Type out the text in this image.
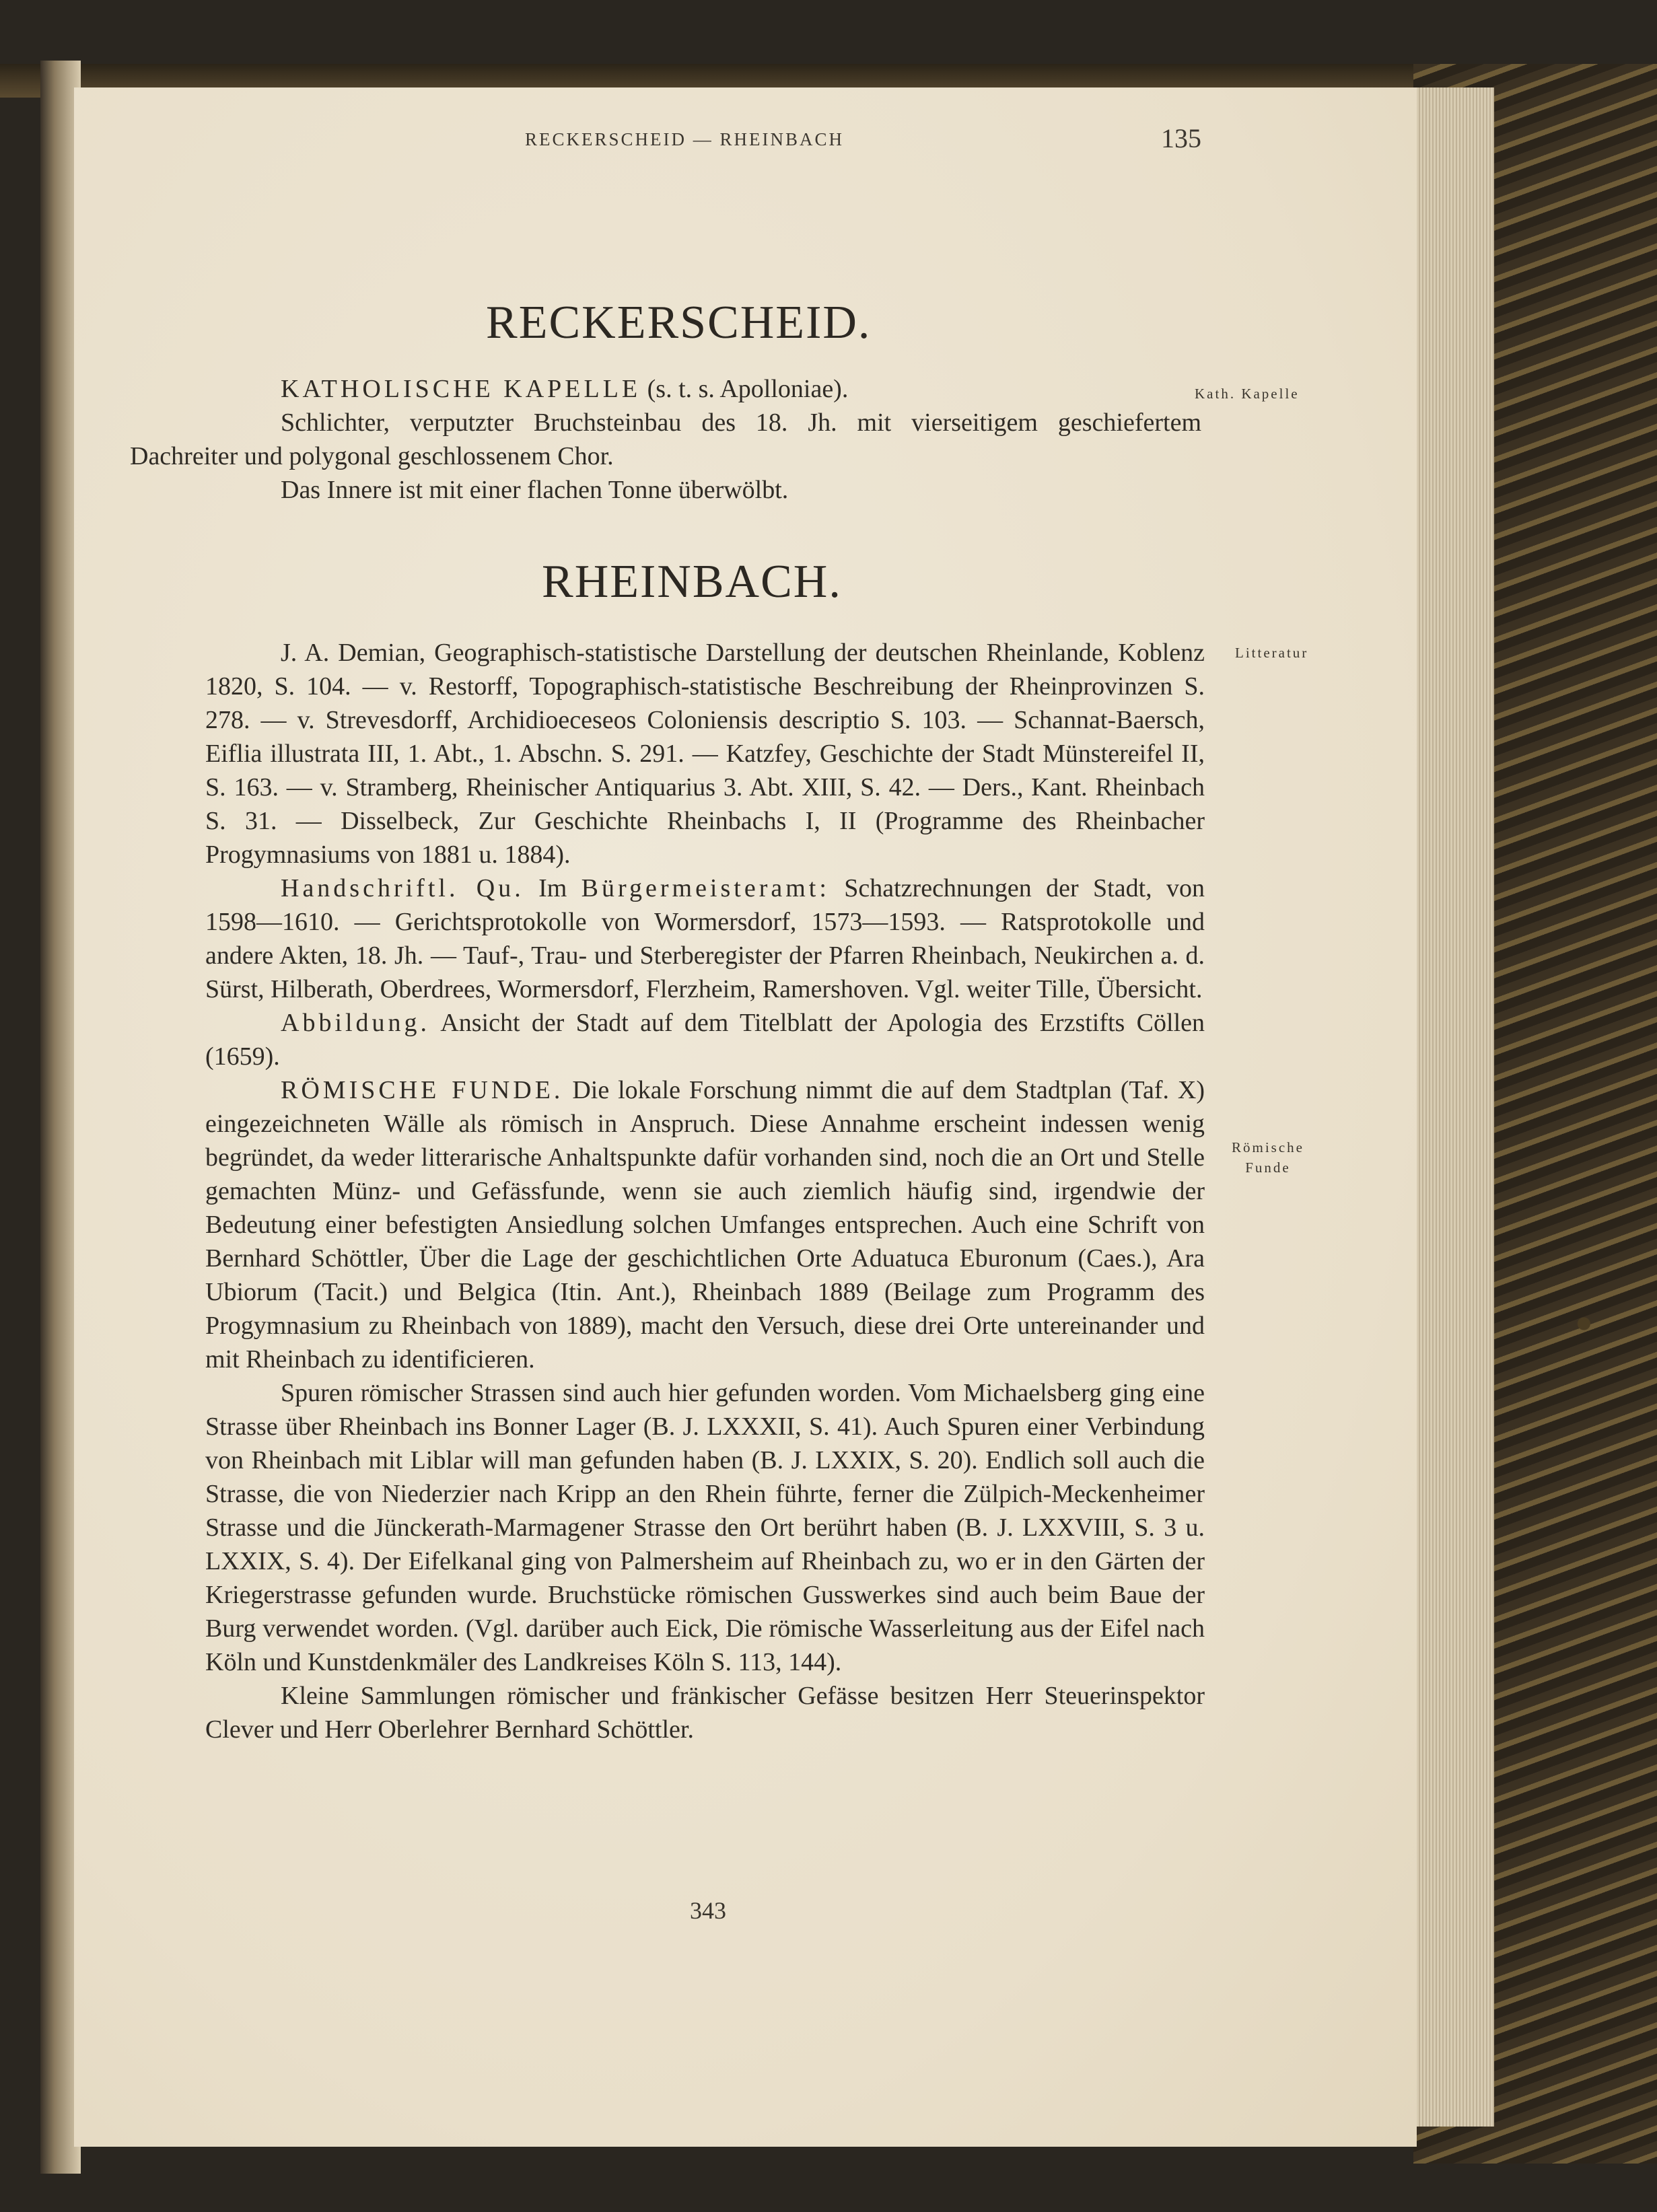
RECKERSCHEID — RHEINBACH	135
RECKERSCHEID.
Kath. Kapelle

KATHOLISCHE KAPELLE (s. t. s. Apolloniae).

Schlichter, verputzter Bruchsteinbau des 18. Jh. mit vierseitigem geschiefertem Dachreiter und polygonal geschlossenem Chor.

Das Innere ist mit einer flachen Tonne überwölbt.

RHEINBACH.
Litteratur
Römische
Funde

J. A. Demian, Geographisch-statistische Darstellung der deutschen Rheinlande, Koblenz 1820, S. 104. — v. Restorff, Topographisch-statistische Beschreibung der Rheinprovinzen S. 278. — v. Strevesdorff, Archidioeceseos Coloniensis descriptio S. 103. — Schannat-Baersch, Eiflia illustrata III, 1. Abt., 1. Abschn. S. 291. — Katzfey, Geschichte der Stadt Münstereifel II, S. 163. — v. Stramberg, Rheinischer Antiquarius 3. Abt. XIII, S. 42. — Ders., Kant. Rheinbach S. 31. — Disselbeck, Zur Geschichte Rheinbachs I, II (Programme des Rheinbacher Progymnasiums von 1881 u. 1884).

Handschriftl. Qu. Im Bürgermeisteramt: Schatzrechnungen der Stadt, von 1598—1610. — Gerichtsprotokolle von Wormersdorf, 1573—1593. — Ratsprotokolle und andere Akten, 18. Jh. — Tauf-, Trau- und Sterberegister der Pfarren Rheinbach, Neukirchen a. d. Sürst, Hilberath, Oberdrees, Wormersdorf, Flerzheim, Ramershoven. Vgl. weiter Tille, Übersicht.

Abbildung. Ansicht der Stadt auf dem Titelblatt der Apologia des Erzstifts Cöllen (1659).

RÖMISCHE FUNDE. Die lokale Forschung nimmt die auf dem Stadtplan (Taf. X) eingezeichneten Wälle als römisch in Anspruch. Diese Annahme erscheint indessen wenig begründet, da weder litterarische Anhaltspunkte dafür vorhanden sind, noch die an Ort und Stelle gemachten Münz- und Gefässfunde, wenn sie auch ziemlich häufig sind, irgendwie der Bedeutung einer befestigten Ansiedlung solchen Umfanges entsprechen. Auch eine Schrift von Bernhard Schöttler, Über die Lage der geschichtlichen Orte Aduatuca Eburonum (Caes.), Ara Ubiorum (Tacit.) und Belgica (Itin. Ant.), Rheinbach 1889 (Beilage zum Programm des Progymnasium zu Rheinbach von 1889), macht den Versuch, diese drei Orte untereinander und mit Rheinbach zu identificieren.

Spuren römischer Strassen sind auch hier gefunden worden. Vom Michaelsberg ging eine Strasse über Rheinbach ins Bonner Lager (B. J. LXXXII, S. 41). Auch Spuren einer Verbindung von Rheinbach mit Liblar will man gefunden haben (B. J. LXXIX, S. 20). Endlich soll auch die Strasse, die von Niederzier nach Kripp an den Rhein führte, ferner die Zülpich-Meckenheimer Strasse und die Jünckerath-Marmagener Strasse den Ort berührt haben (B. J. LXXVIII, S. 3 u. LXXIX, S. 4). Der Eifelkanal ging von Palmersheim auf Rheinbach zu, wo er in den Gärten der Kriegerstrasse gefunden wurde. Bruchstücke römischen Gusswerkes sind auch beim Baue der Burg verwendet worden. (Vgl. darüber auch Eick, Die römische Wasserleitung aus der Eifel nach Köln und Kunstdenkmäler des Landkreises Köln S. 113, 144).

Kleine Sammlungen römischer und fränkischer Gefässe besitzen Herr Steuerinspektor Clever und Herr Oberlehrer Bernhard Schöttler.

343
